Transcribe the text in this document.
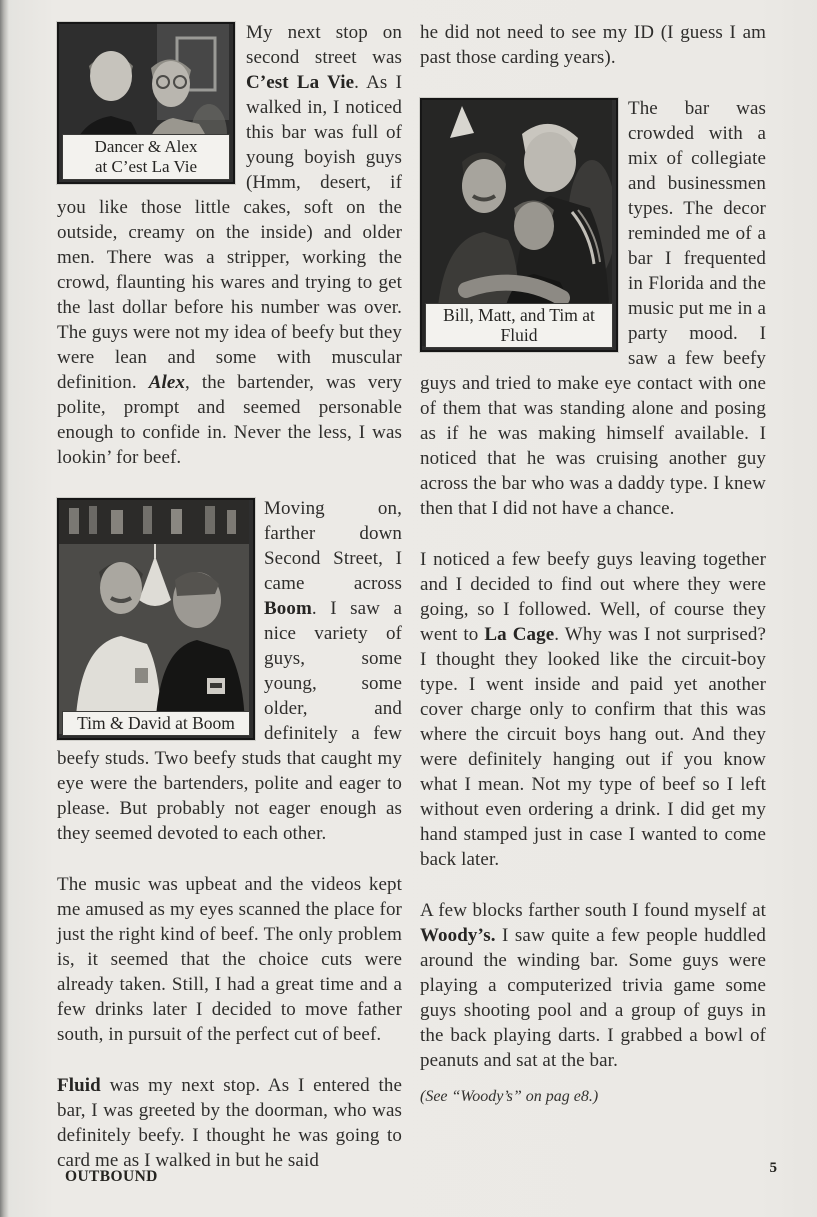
Dancer & Alex
at C’est La Vie

My next stop on second street was C’est La Vie. As I walked in, I noticed this bar was full of young boyish guys (Hmm, desert, if you like those little cakes, soft on the outside, creamy on the inside) and older men. There was a stripper, working the crowd, flaunting his wares and trying to get the last dollar before his number was over. The guys were not my idea of beefy but they were lean and some with muscular definition. Alex, the bartender, was very polite, prompt and seemed personable enough to confide in. Never the less, I was lookin’ for beef.

Tim & David at Boom

Moving on, farther down Second Street, I came across Boom. I saw a nice variety of guys, some young, some older, and definitely a few beefy studs. Two beefy studs that caught my eye were the bartenders, polite and eager to please. But probably not eager enough as they seemed devoted to each other.

The music was upbeat and the videos kept me amused as my eyes scanned the place for just the right kind of beef. The only problem is, it seemed that the choice cuts were already taken. Still, I had a great time and a few drinks later I decided to move father south, in pursuit of the perfect cut of beef.

Fluid was my next stop. As I entered the bar, I was greeted by the doorman, who was definitely beefy. I thought he was going to card me as I walked in but he said

he did not need to see my ID (I guess I am past those carding years).

Bill, Matt, and Tim at Fluid

The bar was crowded with a mix of collegiate and businessmen types. The decor reminded me of a bar I frequented in Florida and the music put me in a party mood. I saw a few beefy guys and tried to make eye contact with one of them that was standing alone and posing as if he was making himself available. I noticed that he was cruising another guy across the bar who was a daddy type. I knew then that I did not have a chance.

I noticed a few beefy guys leaving together and I decided to find out where they were going, so I followed. Well, of course they went to La Cage. Why was I not surprised? I thought they looked like the circuit-boy type. I went inside and paid yet another cover charge only to confirm that this was where the circuit boys hang out. And they were definitely hanging out if you know what I mean. Not my type of beef so I left without even ordering a drink. I did get my hand stamped just in case I wanted to come back later.

A few blocks farther south I found myself at Woody’s. I saw quite a few people huddled around the winding bar. Some guys were playing a computerized trivia game some guys shooting pool and a group of guys in the back playing darts. I grabbed a bowl of peanuts and sat at the bar.

(See “Woody’s” on pag e8.)

OUTBOUND	5
